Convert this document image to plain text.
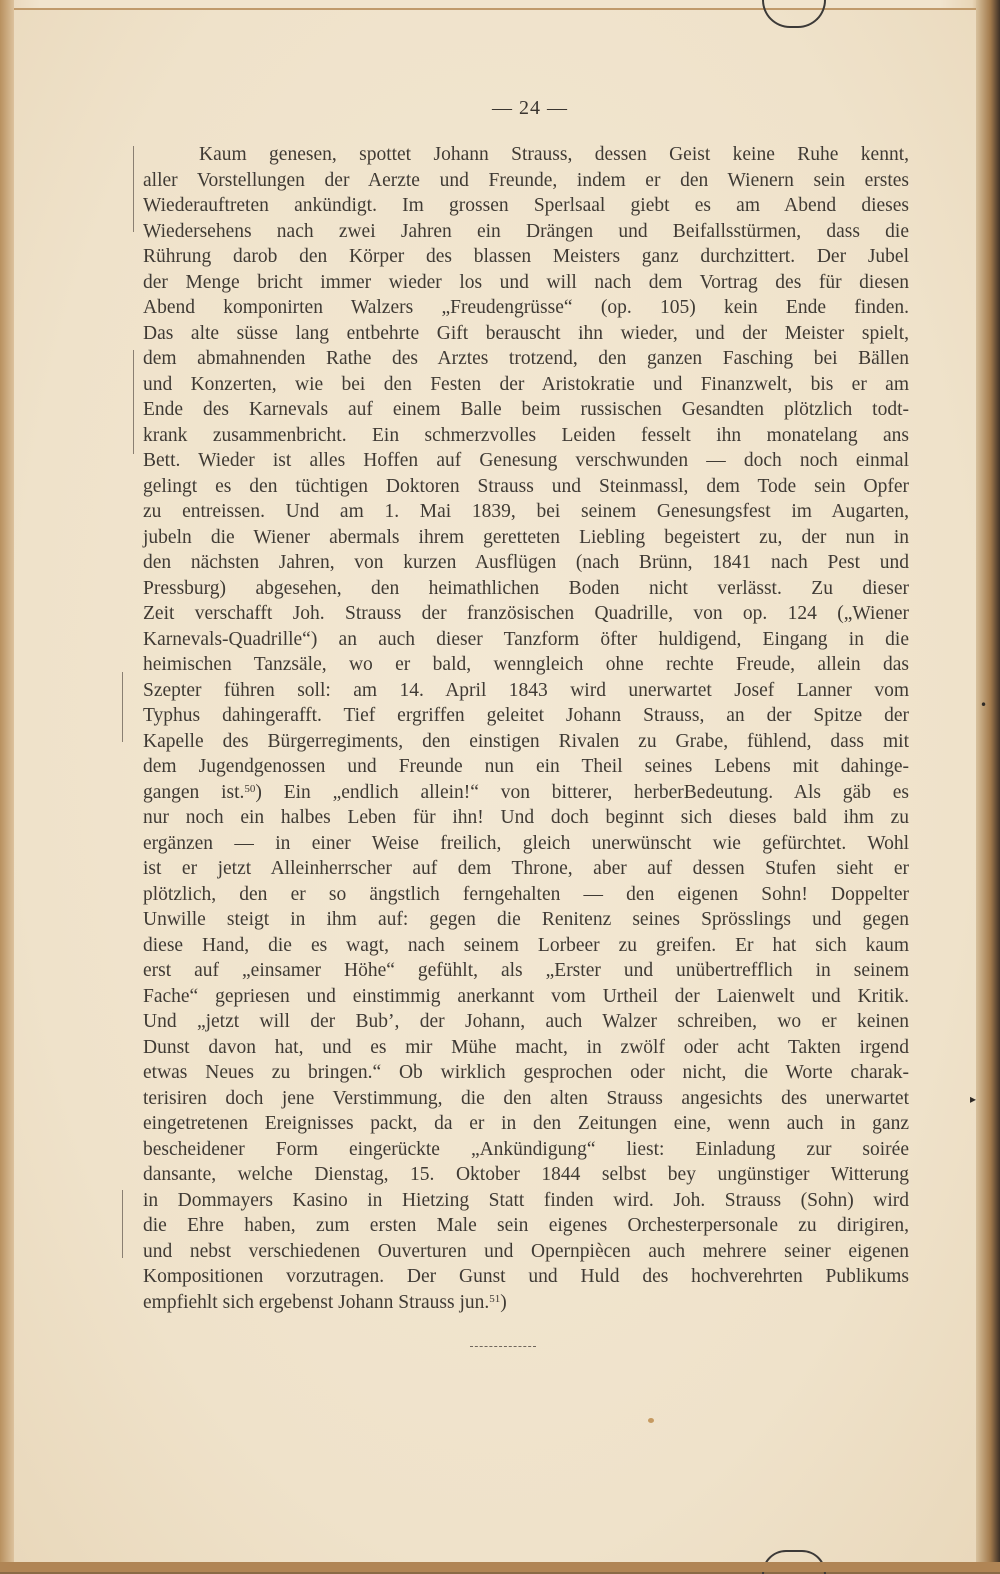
— 24 —
•
▸
Kaum genesen, spottet Johann Strauss, dessen Geist keine Ruhe kennt,
aller Vorstellungen der Aerzte und Freunde, indem er den Wienern sein erstes
Wiederauftreten ankündigt. Im grossen Sperlsaal giebt es am Abend dieses
Wiedersehens nach zwei Jahren ein Drängen und Beifallsstürmen, dass die
Rührung darob den Körper des blassen Meisters ganz durchzittert. Der Jubel
der Menge bricht immer wieder los und will nach dem Vortrag des für diesen
Abend komponirten Walzers „Freudengrüsse“ (op. 105) kein Ende finden.
Das alte süsse lang entbehrte Gift berauscht ihn wieder, und der Meister spielt,
dem abmahnenden Rathe des Arztes trotzend, den ganzen Fasching bei Bällen
und Konzerten, wie bei den Festen der Aristokratie und Finanzwelt, bis er am
Ende des Karnevals auf einem Balle beim russischen Gesandten plötzlich todt-
krank zusammenbricht. Ein schmerzvolles Leiden fesselt ihn monatelang ans
Bett. Wieder ist alles Hoffen auf Genesung verschwunden — doch noch einmal
gelingt es den tüchtigen Doktoren Strauss und Steinmassl, dem Tode sein Opfer
zu entreissen. Und am 1. Mai 1839, bei seinem Genesungsfest im Augarten,
jubeln die Wiener abermals ihrem geretteten Liebling begeistert zu, der nun in
den nächsten Jahren, von kurzen Ausflügen (nach Brünn, 1841 nach Pest und
Pressburg) abgesehen, den heimathlichen Boden nicht verlässt. Zu dieser
Zeit verschafft Joh. Strauss der französischen Quadrille, von op. 124 („Wiener
Karnevals-Quadrille“) an auch dieser Tanzform öfter huldigend, Eingang in die
heimischen Tanzsäle, wo er bald, wenngleich ohne rechte Freude, allein das
Szepter führen soll: am 14. April 1843 wird unerwartet Josef Lanner vom
Typhus dahingerafft. Tief ergriffen geleitet Johann Strauss, an der Spitze der
Kapelle des Bürgerregiments, den einstigen Rivalen zu Grabe, fühlend, dass mit
dem Jugendgenossen und Freunde nun ein Theil seines Lebens mit dahinge-
gangen ist.$^{50}$) Ein „endlich allein!“ von bitterer, herberBedeutung. Als gäb es
nur noch ein halbes Leben für ihn! Und doch beginnt sich dieses bald ihm zu
ergänzen — in einer Weise freilich, gleich unerwünscht wie gefürchtet. Wohl
ist er jetzt Alleinherrscher auf dem Throne, aber auf dessen Stufen sieht er
plötzlich, den er so ängstlich ferngehalten — den eigenen Sohn! Doppelter
Unwille steigt in ihm auf: gegen die Renitenz seines Sprösslings und gegen
diese Hand, die es wagt, nach seinem Lorbeer zu greifen. Er hat sich kaum
erst auf „einsamer Höhe“ gefühlt, als „Erster und unübertrefflich in seinem
Fache“ gepriesen und einstimmig anerkannt vom Urtheil der Laienwelt und Kritik.
Und „jetzt will der Bub’, der Johann, auch Walzer schreiben, wo er keinen
Dunst davon hat, und es mir Mühe macht, in zwölf oder acht Takten irgend
etwas Neues zu bringen.“ Ob wirklich gesprochen oder nicht, die Worte charak-
terisiren doch jene Verstimmung, die den alten Strauss angesichts des unerwartet
eingetretenen Ereignisses packt, da er in den Zeitungen eine, wenn auch in ganz
bescheidener Form eingerückte „Ankündigung“ liest: Einladung zur soirée
dansante, welche Dienstag, 15. Oktober 1844 selbst bey ungünstiger Witterung
in Dommayers Kasino in Hietzing Statt finden wird. Joh. Strauss (Sohn) wird
die Ehre haben, zum ersten Male sein eigenes Orchesterpersonale zu dirigiren,
und nebst verschiedenen Ouverturen und Opernpiècen auch mehrere seiner eigenen
Kompositionen vorzutragen. Der Gunst und Huld des hochverehrten Publikums
empfiehlt sich ergebenst Johann Strauss jun.$^{51}$)
